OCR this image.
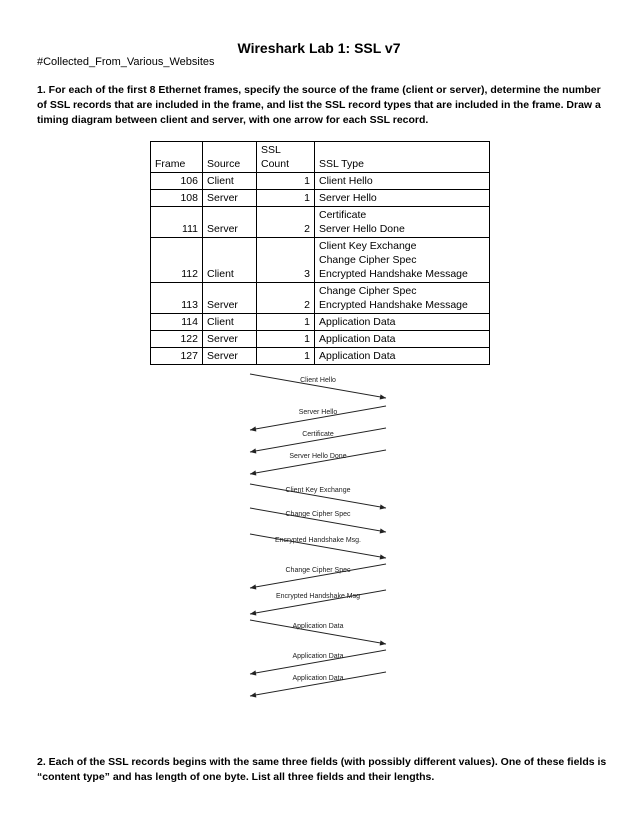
Wireshark Lab 1: SSL v7
#Collected_From_Various_Websites
1. For each of the first 8 Ethernet frames, specify the source of the frame (client or server), determine the number of SSL records that are included in the frame, and list the SSL record types that are included in the frame. Draw a timing diagram between client and server, with one arrow for each SSL record.
Frame	Source	SSL Count	SSL Type
106	Client	1	Client Hello

108	Server	1	Server Hello

111	Server	2	Certificate
Server Hello Done

112	Client	3	Client Key Exchange
Change Cipher Spec
Encrypted Handshake Message

113	Server	2	Change Cipher Spec
Encrypted Handshake Message

114	Client	1	Application Data

122	Server	1	Application Data

127	Server	1	Application Data
Client Hello
Server Hello
Certificate
Server Hello Done
Client Key Exchange
Change Cipher Spec
Encrypted Handshake Msg.
Change Cipher Spec
Encrypted Handshake Msg
Application Data
Application Data
Application Data
2. Each of the SSL records begins with the same three fields (with possibly different values). One of these fields is “content type” and has length of one byte. List all three fields and their lengths.
